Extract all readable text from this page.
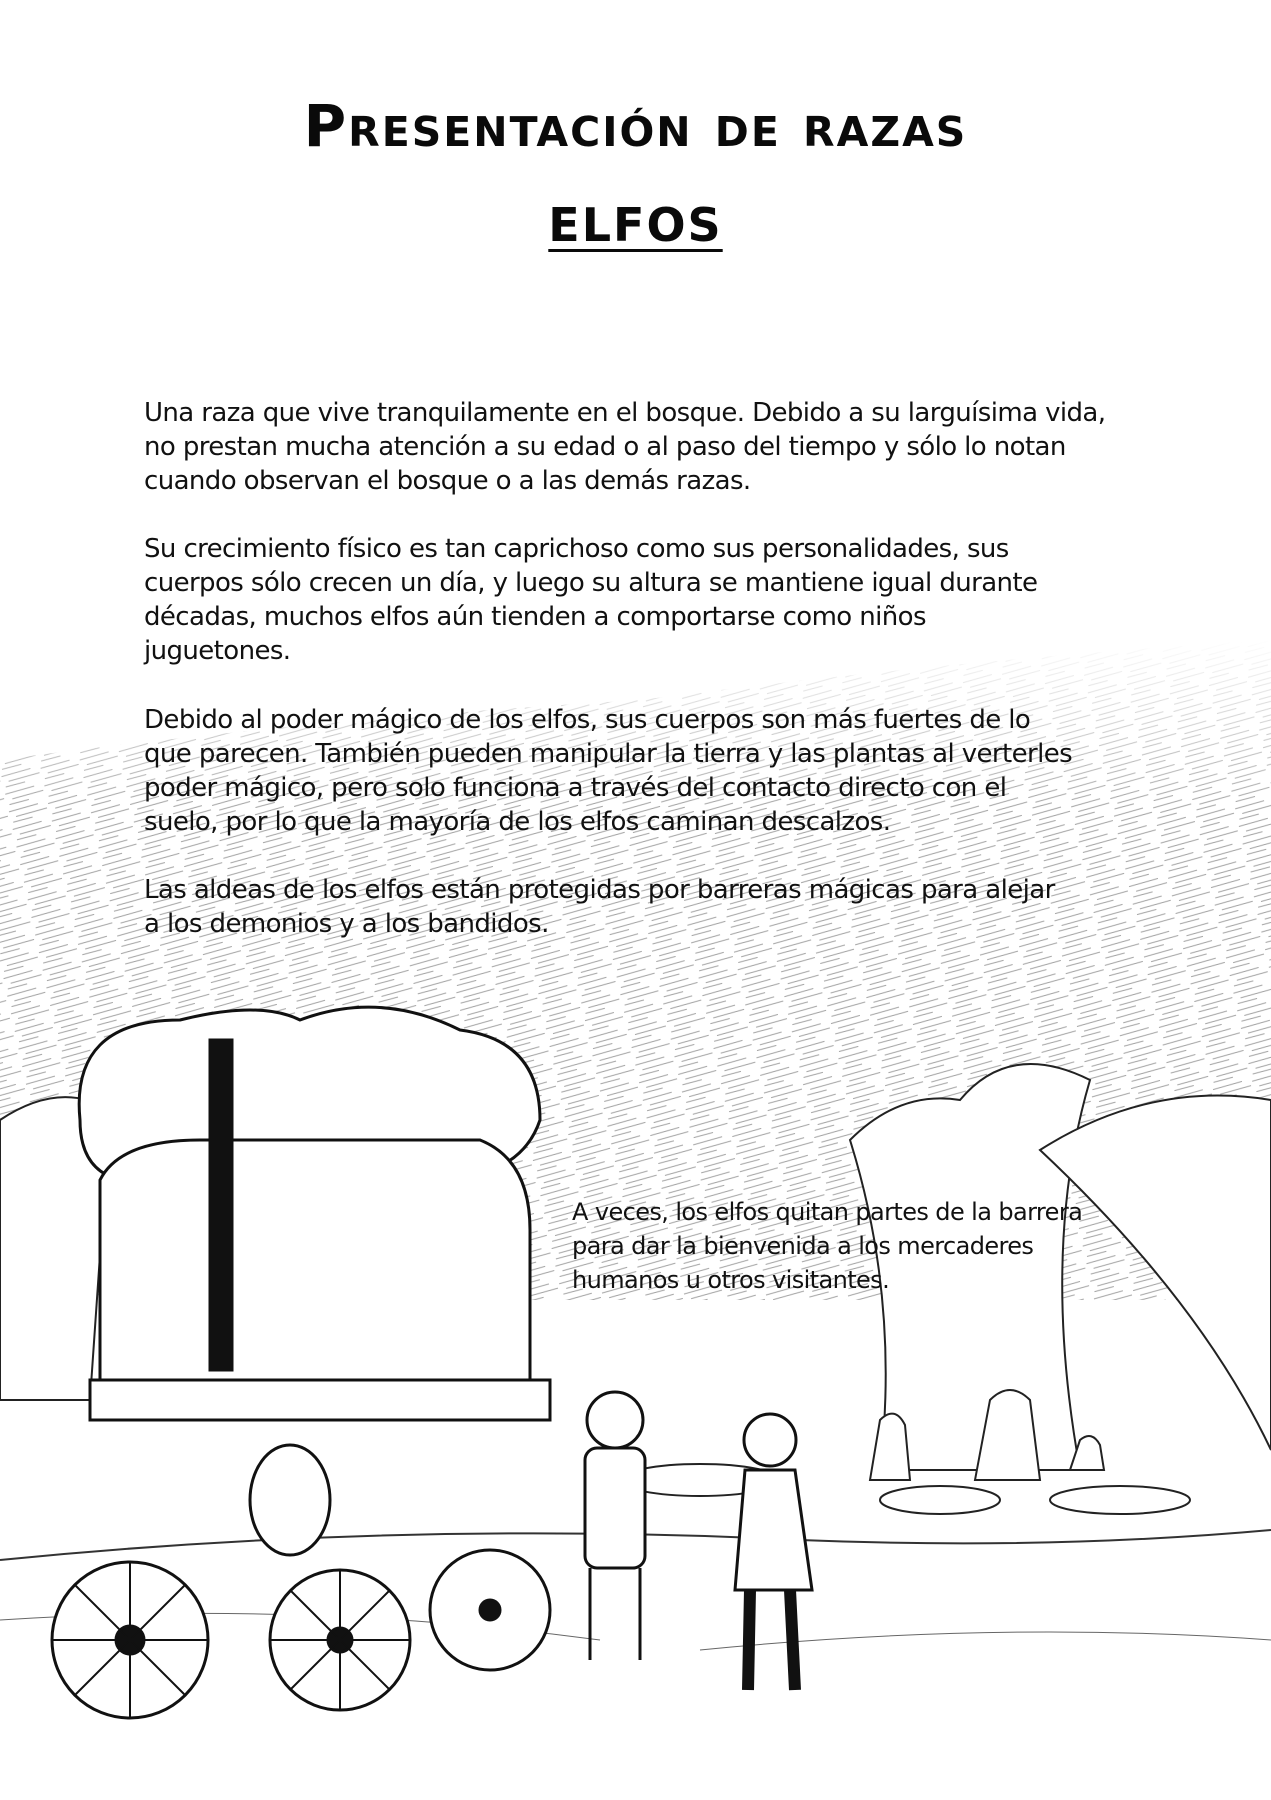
Presentación de razas
ELFOS
Una raza que vive tranquilamente en el bosque. Debido a su larguísima vida,
no prestan mucha atención a su edad o al paso del tiempo y sólo lo notan
cuando observan el bosque o a las demás razas.
Su crecimiento físico es tan caprichoso como sus personalidades, sus
cuerpos sólo crecen un día, y luego su altura se mantiene igual durante
décadas, muchos elfos aún tienden a comportarse como niños
juguetones.
Debido al poder mágico de los elfos, sus cuerpos son más fuertes de lo
que parecen. También pueden manipular la tierra y las plantas al verterles
poder mágico, pero solo funciona a través del contacto directo con el
suelo, por lo que la mayoría de los elfos caminan descalzos.
Las aldeas de los elfos están protegidas por barreras mágicas para alejar
a los demonios y a los bandidos.
A veces, los elfos quitan partes de la barrera
para dar la bienvenida a los mercaderes
humanos u otros visitantes.
